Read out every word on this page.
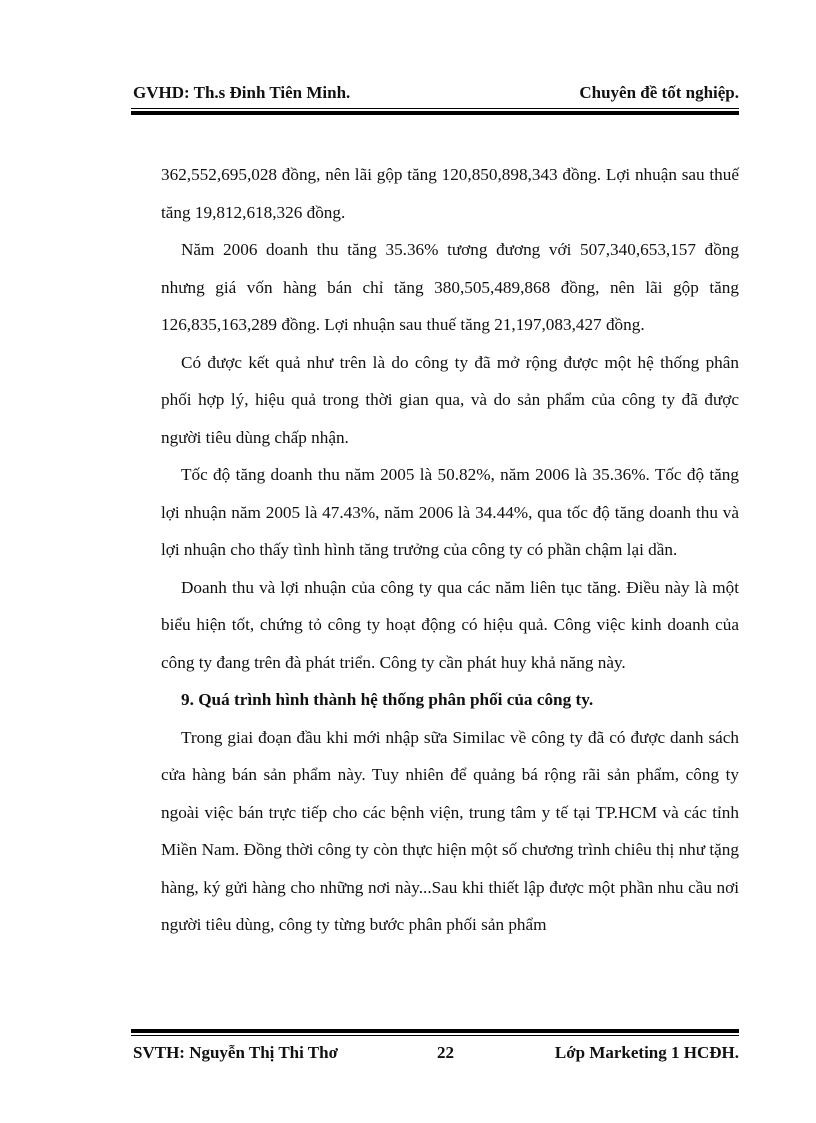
GVHD: Th.s Đinh Tiên Minh.	Chuyên đề tốt nghiệp.

362,552,695,028 đồng, nên lãi gộp tăng 120,850,898,343 đồng. Lợi nhuận sau thuế tăng 19,812,618,326 đồng.

Năm 2006 doanh thu tăng 35.36% tương đương với 507,340,653,157 đồng nhưng giá vốn hàng bán chỉ tăng 380,505,489,868 đồng, nên lãi gộp tăng 126,835,163,289 đồng. Lợi nhuận sau thuế tăng 21,197,083,427 đồng.

Có được kết quả như trên là do công ty đã mở rộng được một hệ thống phân phối hợp lý, hiệu quả trong thời gian qua, và do sản phẩm của công ty đã được người tiêu dùng chấp nhận.

Tốc độ tăng doanh thu năm 2005 là 50.82%, năm 2006 là 35.36%. Tốc độ tăng lợi nhuận năm 2005 là 47.43%, năm 2006 là 34.44%, qua tốc độ tăng doanh thu và lợi nhuận cho thấy tình hình tăng trưởng của công ty có phần chậm lại dần.

Doanh thu và lợi nhuận của công ty qua các năm liên tục tăng. Điều này là một biểu hiện tốt, chứng tỏ công ty hoạt động có hiệu quả. Công việc kinh doanh của công ty đang trên đà phát triển. Công ty cần phát huy khả năng này.

9. Quá trình hình thành hệ thống phân phối của công ty.

Trong giai đoạn đầu khi mới nhập sữa Similac về công ty đã có được danh sách cửa hàng bán sản phẩm này. Tuy nhiên để quảng bá rộng rãi sản phẩm, công ty ngoài việc bán trực tiếp cho các bệnh viện, trung tâm y tế tại TP.HCM và các tỉnh Miền Nam. Đồng thời công ty còn thực hiện một số chương trình chiêu thị như tặng hàng, ký gửi hàng cho những nơi này...Sau khi thiết lập được một phần nhu cầu nơi người tiêu dùng, công ty từng bước phân phối sản phẩm

SVTH: Nguyễn Thị Thi Thơ	22	Lớp Marketing 1 HCĐH.
